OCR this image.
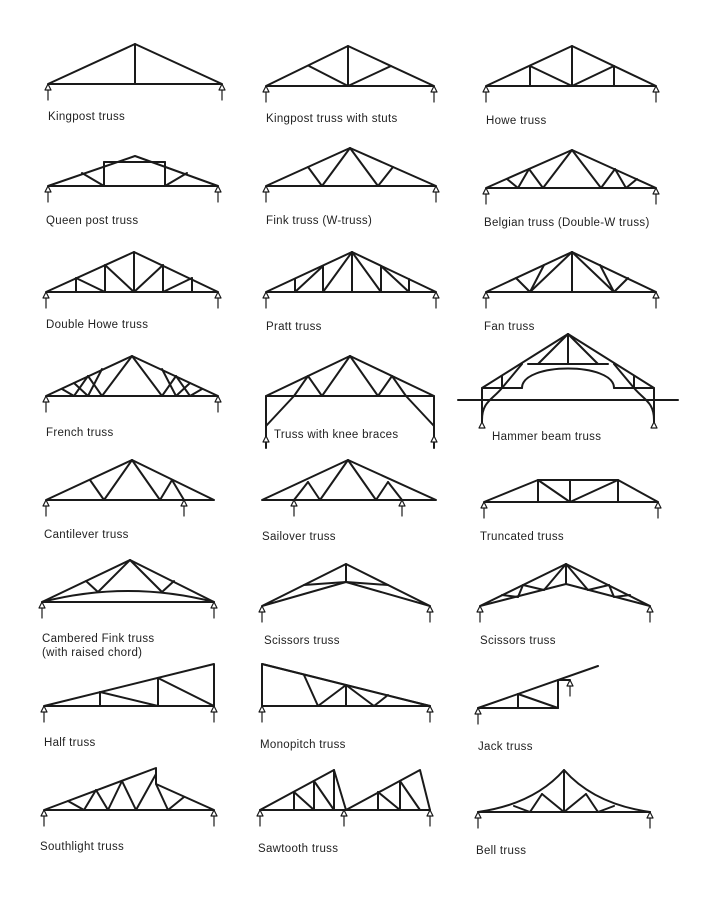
Kingpost truss	Kingpost truss with stuts	Howe truss
Queen post truss	Fink truss (W-truss)	Belgian truss (Double-W truss)
Double Howe truss	Pratt truss	Fan truss
French truss	Truss with knee braces	Hammer beam truss
Cantilever truss	Sailover truss	Truncated truss
Cambered Fink truss
(with raised chord)
Scissors truss	Scissors truss
Half truss	Monopitch truss	Jack truss
Southlight truss	Sawtooth truss	Bell truss
